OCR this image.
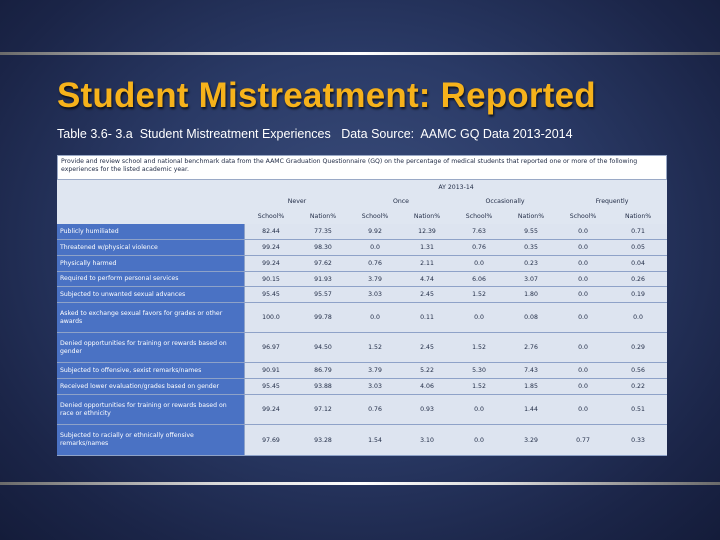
Student Mistreatment: Reported
Table 3.6- 3.a  Student Mistreatment Experiences Data Source:  AAMC GQ Data 2013-2014
Provide and review school and national benchmark data from the AAMC Graduation Questionnaire (GQ) on the percentage of medical students that reported one or more of the following experiences for the listed academic year.								
	AY 2013-14							
	Never		Once		Occasionally		Frequently	
	School%	Nation%	School%	Nation%	School%	Nation%	School%	Nation%
Publicly humiliated	82.44	77.35	9.92	12.39	7.63	9.55	0.0	0.71
Threatened w/physical violence	99.24	98.30	0.0	1.31	0.76	0.35	0.0	0.05
Physically harmed	99.24	97.62	0.76	2.11	0.0	0.23	0.0	0.04
Required to perform personal services	90.15	91.93	3.79	4.74	6.06	3.07	0.0	0.26
Subjected to unwanted sexual advances	95.45	95.57	3.03	2.45	1.52	1.80	0.0	0.19
Asked to exchange sexual favors for grades or other awards	100.0	99.78	0.0	0.11	0.0	0.08	0.0	0.0
Denied opportunities for training or rewards based on gender	96.97	94.50	1.52	2.45	1.52	2.76	0.0	0.29
Subjected to offensive, sexist remarks/names	90.91	86.79	3.79	5.22	5.30	7.43	0.0	0.56
Received lower evaluation/grades based on gender	95.45	93.88	3.03	4.06	1.52	1.85	0.0	0.22
Denied opportunities for training or rewards based on race or ethnicity	99.24	97.12	0.76	0.93	0.0	1.44	0.0	0.51
Subjected to racially or ethnically offensive remarks/names	97.69	93.28	1.54	3.10	0.0	3.29	0.77	0.33
